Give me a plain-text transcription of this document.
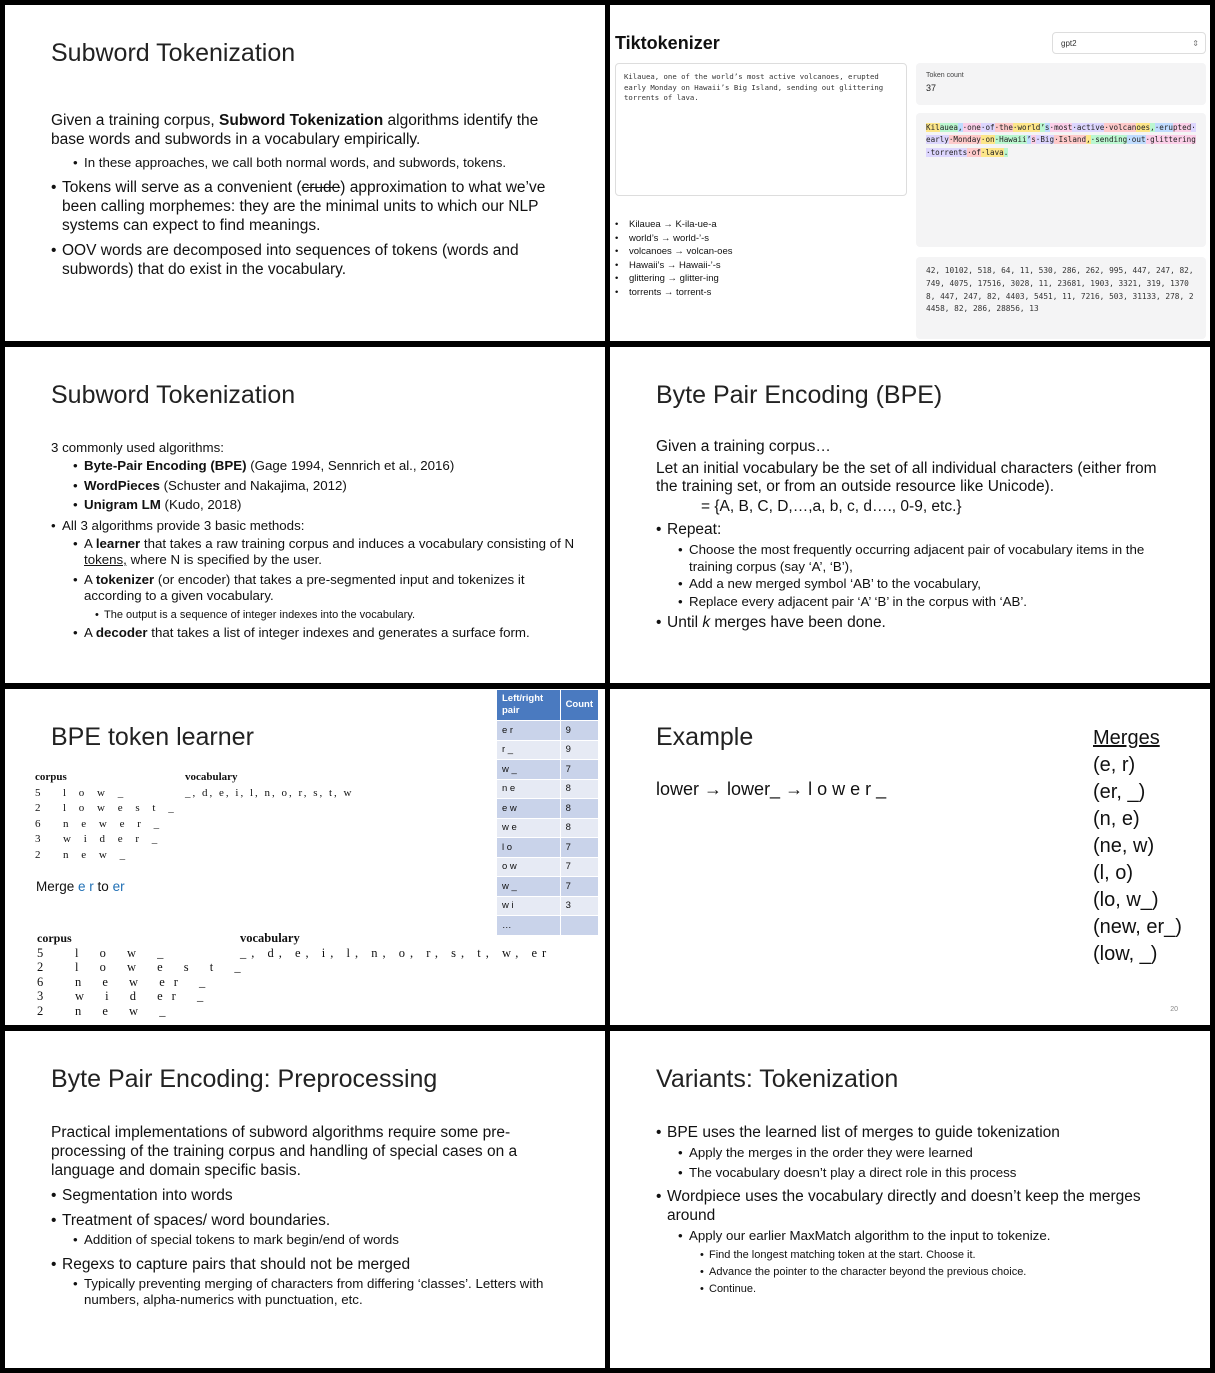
Subword Tokenization

Given a training corpus, Subword Tokenization algorithms identify the base words and subwords in a vocabulary empirically.

• In these approaches, we call both normal words, and subwords, tokens.

• Tokens will serve as a convenient (crude) approximation to what we’ve been calling morphemes: they are the minimal units to which our NLP systems can expect to find meanings.

• OOV words are decomposed into sequences of tokens (words and subwords) that do exist in the vocabulary.

Tiktokenizer	gpt2	⇕
Kilauea, one of the world’s most active volcanoes, erupted early Monday on Hawaii’s Big Island, sending out glittering torrents of lava.
Token count
37
Kilauea,·one·of·the·world’s·most·active·volcanoes,·erupted·early·Monday·on·Hawaii’s·Big·Island,·sending·out·glittering·torrents·of·lava.
42, 10102, 518, 64, 11, 530, 286, 262, 995, 447, 247, 82, 749, 4075, 17516, 3028, 11, 23681, 1903, 3321, 319, 13708, 447, 247, 82, 4403, 5451, 11, 7216, 503, 31133, 278, 24458, 82, 286, 28856, 13
• Kilauea → K-ila-ue-a
• world’s → world-’-s
• volcanoes → volcan-oes
• Hawaii’s → Hawaii-’-s
• glittering → glitter-ing
• torrents → torrent-s
Subword Tokenization

3 commonly used algorithms:

• Byte-Pair Encoding (BPE) (Gage 1994, Sennrich et al., 2016)

• WordPieces (Schuster and Nakajima, 2012)

• Unigram LM (Kudo, 2018)

• All 3 algorithms provide 3 basic methods:

• A learner that takes a raw training corpus and induces a vocabulary consisting of N tokens, where N is specified by the user.

• A tokenizer (or encoder) that takes a pre-segmented input and tokenizes it according to a given vocabulary.

• The output is a sequence of integer indexes into the vocabulary.

• A decoder that takes a list of integer indexes and generates a surface form.

Byte Pair Encoding (BPE)

Given a training corpus…

Let an initial vocabulary be the set of all individual characters (either from the training set, or from an outside resource like Unicode).

= {A, B, C, D,…,a, b, c, d…., 0-9, etc.}

• Repeat:

• Choose the most frequently occurring adjacent pair of vocabulary items in the training corpus (say ‘A’, ‘B’),

• Add a new merged symbol ‘AB’ to the vocabulary,

• Replace every adjacent pair ‘A’ ‘B’ in the corpus with ‘AB’.

• Until k merges have been done.

BPE token learner
corpus
5 l o w _
2 l o w e s t _
6 n e w e r _
3 w i d e r _
2 n e w _
vocabulary
_, d, e, i, l, n, o, r, s, t, w
Merge e r to er
corpus
5	l o w _
2	l o w e s t _
6	n e w er _
3	w i d er _
2	n e w _
vocabulary
_, d, e, i, l, n, o, r, s, t, w, er
Left/right pair	Count
e r	9
r _	9
w _	7
n e	8
e w	8
w e	8
l o	7
o w	7
w _	7
w i	3
…	
Example
lower → lower_ → l o w e r _
Merges
(e, r)
(er, _)
(n, e)
(ne, w)
(l, o)
(lo, w_)
(new, er_)
(low, _)
20
Byte Pair Encoding: Preprocessing

Practical implementations of subword algorithms require some pre-processing of the training corpus and handling of special cases on a language and domain specific basis.

• Segmentation into words

• Treatment of spaces/ word boundaries.

• Addition of special tokens to mark begin/end of words

• Regexs to capture pairs that should not be merged

• Typically preventing merging of characters from differing ‘classes’. Letters with numbers, alpha-numerics with punctuation, etc.

Variants: Tokenization

• BPE uses the learned list of merges to guide tokenization

• Apply the merges in the order they were learned

• The vocabulary doesn’t play a direct role in this process

• Wordpiece uses the vocabulary directly and doesn’t keep the merges around

• Apply our earlier MaxMatch algorithm to the input to tokenize.

• Find the longest matching token at the start. Choose it.

• Advance the pointer to the character beyond the previous choice.

• Continue.
